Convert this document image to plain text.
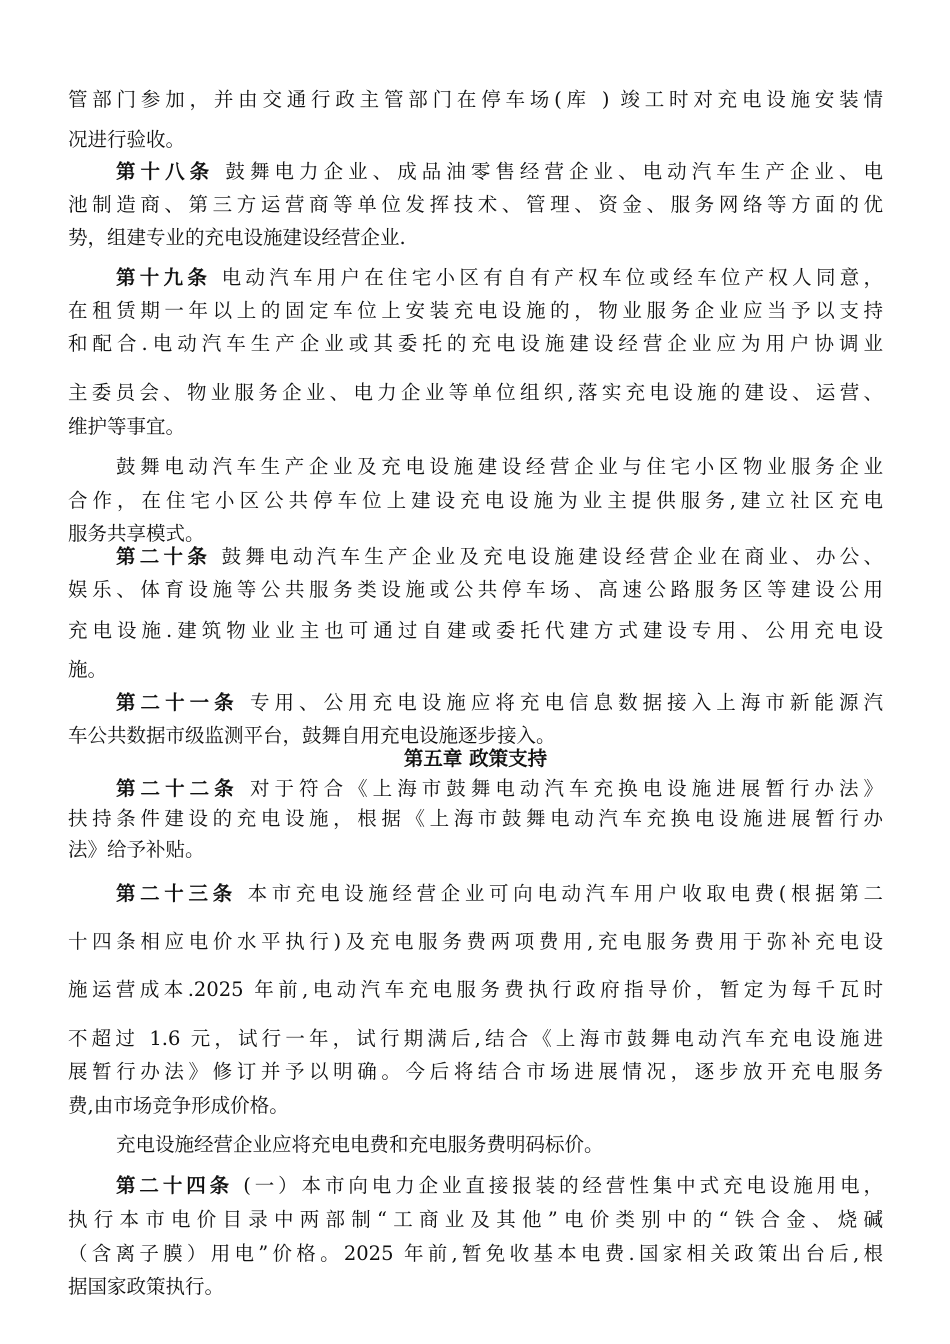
管部门参加，并由交通行政主管部门在停车场(库 ) 竣工时对充电设施安装情
况进行验收。
第十八条 鼓舞电力企业、成品油零售经营企业、电动汽车生产企业、电
池制造商、第三方运营商等单位发挥技术、管理、资金、服务网络等方面的优
势，组建专业的充电设施建设经营企业.
第十九条 电动汽车用户在住宅小区有自有产权车位或经车位产权人同意，
在租赁期一年以上的固定车位上安装充电设施的，物业服务企业应当予以支持
和配合.电动汽车生产企业或其委托的充电设施建设经营企业应为用户协调业
主委员会、物业服务企业、电力企业等单位组织,落实充电设施的建设、运营、
维护等事宜。
鼓舞电动汽车生产企业及充电设施建设经营企业与住宅小区物业服务企业
合作，在住宅小区公共停车位上建设充电设施为业主提供服务,建立社区充电
服务共享模式。
第二十条 鼓舞电动汽车生产企业及充电设施建设经营企业在商业、办公、
娱乐、体育设施等公共服务类设施或公共停车场、高速公路服务区等建设公用
充电设施.建筑物业业主也可通过自建或委托代建方式建设专用、公用充电设
施。
第二十一条 专用、公用充电设施应将充电信息数据接入上海市新能源汽
车公共数据市级监测平台，鼓舞自用充电设施逐步接入。
第五章 政策支持
第二十二条 对于符合《上海市鼓舞电动汽车充换电设施进展暂行办法》
扶持条件建设的充电设施，根据《上海市鼓舞电动汽车充换电设施进展暂行办
法》给予补贴。
第二十三条 本市充电设施经营企业可向电动汽车用户收取电费(根据第二
十四条相应电价水平执行)及充电服务费两项费用,充电服务费用于弥补充电设
施运营成本.2025 年前,电动汽车充电服务费执行政府指导价，暂定为每千瓦时
不超过 1.6 元，试行一年，试行期满后,结合《上海市鼓舞电动汽车充电设施进
展暂行办法》修订并予以明确。今后将结合市场进展情况，逐步放开充电服务
费,由市场竞争形成价格。
充电设施经营企业应将充电电费和充电服务费明码标价。
第二十四条 (一）本市向电力企业直接报装的经营性集中式充电设施用电，
执行本市电价目录中两部制“工商业及其他”电价类别中的“铁合金、烧碱
（含离子膜）用电”价格。2025 年前,暂免收基本电费.国家相关政策出台后,根
据国家政策执行。
